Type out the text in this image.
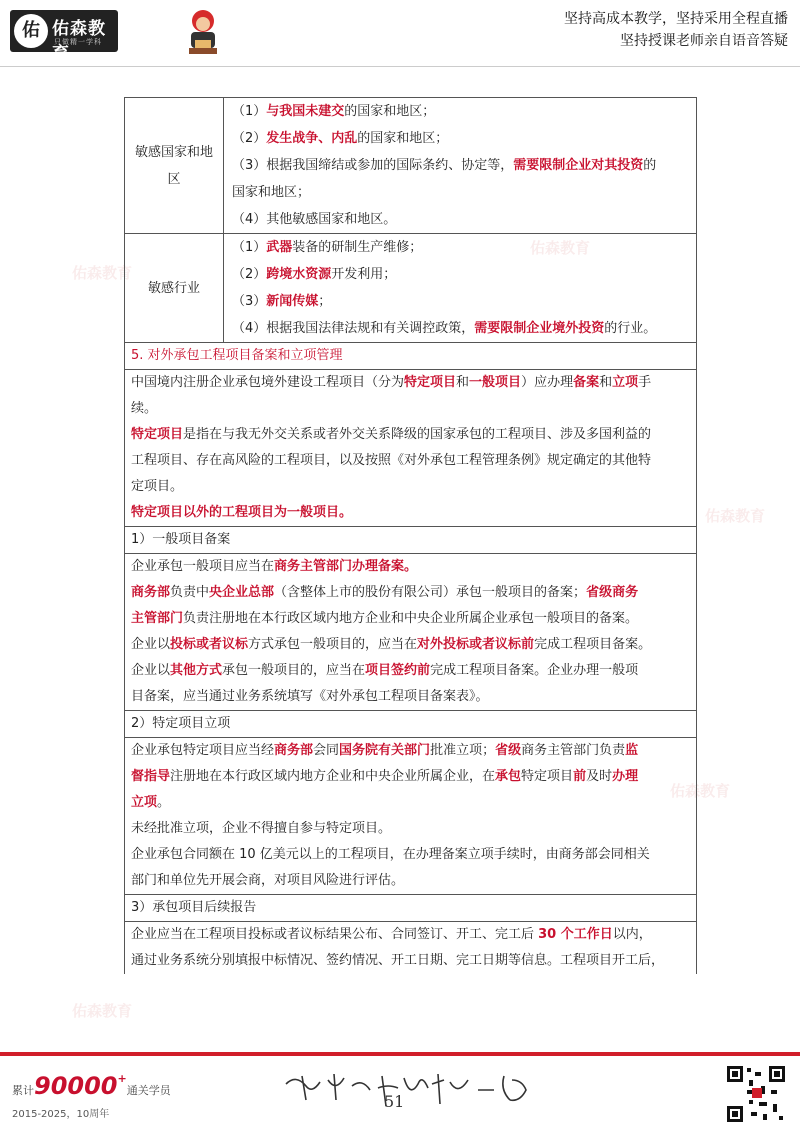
佑 佑森教育
只做精一学科
坚持高成本教学，坚持采用全程直播
坚持授课老师亲自语音答疑
佑森教育
佑森教育
佑森教育
佑森教育
佑森教育
敏感国家和地区
（1）与我国未建交的国家和地区；
（2）发生战争、内乱的国家和地区；
（3）根据我国缔结或参加的国际条约、协定等，需要限制企业对其投资的
国家和地区；
（4）其他敏感国家和地区。
敏感行业
（1）武器装备的研制生产维修；
（2）跨境水资源开发利用；
（3）新闻传媒；
（4）根据我国法律法规和有关调控政策，需要限制企业境外投资的行业。
5. 对外承包工程项目备案和立项管理
中国境内注册企业承包境外建设工程项目（分为特定项目和一般项目）应办理备案和立项手
续。
特定项目是指在与我无外交关系或者外交关系降级的国家承包的工程项目、涉及多国利益的
工程项目、存在高风险的工程项目，以及按照《对外承包工程管理条例》规定确定的其他特
定项目。
特定项目以外的工程项目为一般项目。
1）一般项目备案
企业承包一般项目应当在商务主管部门办理备案。
商务部负责中央企业总部（含整体上市的股份有限公司）承包一般项目的备案；省级商务
主管部门负责注册地在本行政区域内地方企业和中央企业所属企业承包一般项目的备案。
企业以投标或者议标方式承包一般项目的，应当在对外投标或者议标前完成工程项目备案。
企业以其他方式承包一般项目的，应当在项目签约前完成工程项目备案。企业办理一般项
目备案，应当通过业务系统填写《对外承包工程项目备案表》。
2）特定项目立项
企业承包特定项目应当经商务部会同国务院有关部门批准立项；省级商务主管部门负责监
督指导注册地在本行政区域内地方企业和中央企业所属企业，在承包特定项目前及时办理
立项。
未经批准立项，企业不得擅自参与特定项目。
企业承包合同额在 10 亿美元以上的工程项目，在办理备案立项手续时，由商务部会同相关
部门和单位先开展会商，对项目风险进行评估。
3）承包项目后续报告
企业应当在工程项目投标或者议标结果公布、合同签订、开工、完工后 30 个工作日以内，
通过业务系统分别填报中标情况、签约情况、开工日期、完工日期等信息。工程项目开工后，
累计90000+通关学员
2015-2025，10周年
51
